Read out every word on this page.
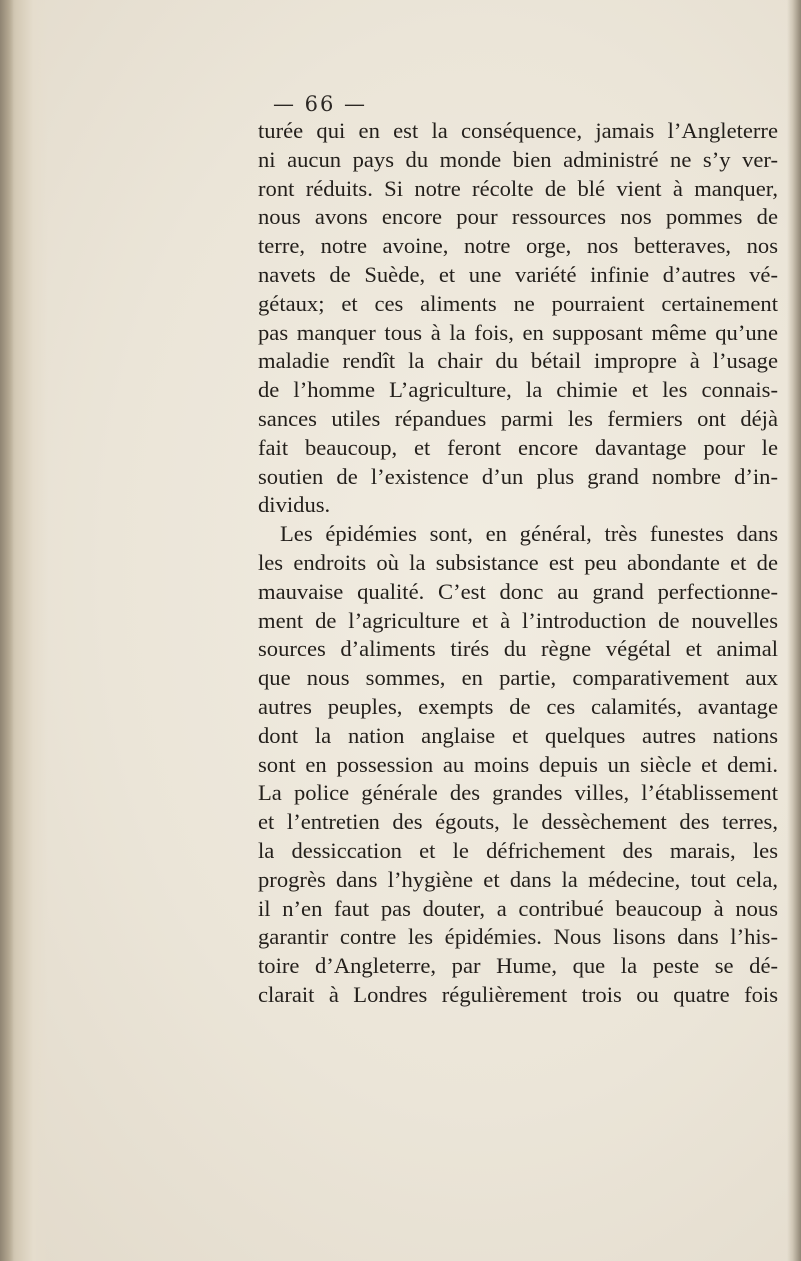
— 66 —
turée qui en est la conséquence, jamais l’Angleterre
ni aucun pays du monde bien administré ne s’y ver-
ront réduits. Si notre récolte de blé vient à manquer,
nous avons encore pour ressources nos pommes de
terre, notre avoine, notre orge, nos betteraves, nos
navets de Suède, et une variété infinie d’autres vé-
gétaux; et ces aliments ne pourraient certainement
pas manquer tous à la fois, en supposant même qu’une
maladie rendît la chair du bétail impropre à l’usage
de l’homme L’agriculture, la chimie et les connais-
sances utiles répandues parmi les fermiers ont déjà
fait beaucoup, et feront encore davantage pour le
soutien de l’existence d’un plus grand nombre d’in-
dividus.
Les épidémies sont, en général, très funestes dans
les endroits où la subsistance est peu abondante et de
mauvaise qualité. C’est donc au grand perfectionne-
ment de l’agriculture et à l’introduction de nouvelles
sources d’aliments tirés du règne végétal et animal
que nous sommes, en partie, comparativement aux
autres peuples, exempts de ces calamités, avantage
dont la nation anglaise et quelques autres nations
sont en possession au moins depuis un siècle et demi.
La police générale des grandes villes, l’établissement
et l’entretien des égouts, le dessèchement des terres,
la dessiccation et le défrichement des marais, les
progrès dans l’hygiène et dans la médecine, tout cela,
il n’en faut pas douter, a contribué beaucoup à nous
garantir contre les épidémies. Nous lisons dans l’his-
toire d’Angleterre, par Hume, que la peste se dé-
clarait à Londres régulièrement trois ou quatre fois
